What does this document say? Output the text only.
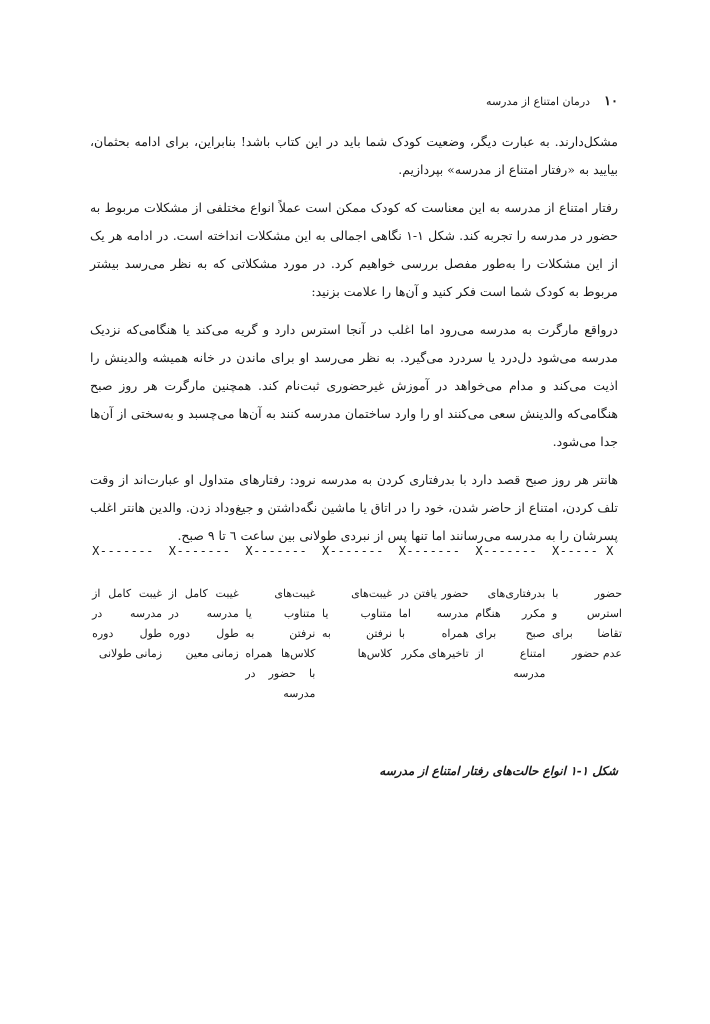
۱۰
درمان امتناع از مدرسه

مشکل‌دارند. به عبارت دیگر، وضعیت کودک شما باید در این کتاب باشد! بنابراین، برای ادامه بحثمان، بیایید به «رفتار امتناع از مدرسه» بپردازیم.

رفتار امتناع از مدرسه به این معناست که کودک ممکن است عملاً انواع مختلفی از مشکلات مربوط به حضور در مدرسه را تجربه کند. شکل ۱-۱ نگاهی اجمالی به این مشکلات انداخته است. در ادامه هر یک از این مشکلات را به‌طور مفصل بررسی خواهیم کرد. در مورد مشکلاتی که به نظر می‌رسد بیشتر مربوط به کودک شما است فکر کنید و آن‌ها را علامت بزنید:

درواقع مارگرت به مدرسه می‌رود اما اغلب در آنجا استرس دارد و گریه می‌کند یا هنگامی‌که نزدیک مدرسه می‌شود دل‌درد یا سردرد می‌گیرد. به نظر می‌رسد او برای ماندن در خانه همیشه والدینش را اذیت می‌کند و مدام می‌خواهد در آموزش غیرحضوری ثبت‌نام کند. همچنین مارگرت هر روز صبح هنگامی‌که والدینش سعی می‌کنند او را وارد ساختمان مدرسه کنند به آن‌ها می‌چسبد و به‌سختی از آن‌ها جدا می‌شود.

هانتر هر روز صبح قصد دارد با بدرفتاری کردن به مدرسه نرود: رفتارهای متداول او عبارت‌اند از وقت تلف کردن، امتناع از حاضر شدن، خود را در اتاق یا ماشین نگه‌داشتن و جیغ‌وداد زدن. والدین هانتر اغلب پسرشان را به مدرسه می‌رسانند اما تنها پس از نبردی طولانی بین ساعت ٦ تا ٩ صبح.

X----- X
حضور با استرس و تقاضا برای عدم حضور
X-------
بدرفتاری‌های مکرر هنگام صبح برای امتناع از مدرسه
X-------
حضور یافتن در مدرسه اما همراه با تاخیرهای مکرر
X-------
غیبت‌های متناوب یا نرفتن به کلاس‌ها
X-------
غیبت‌های متناوب یا نرفتن به کلاس‌ها همراه با حضور در مدرسه
X-------
غیبت کامل از مدرسه در طول دوره زمانی معین
X-------
غیبت کامل از مدرسه در طول دوره زمانی طولانی
شکل ۱-۱ انواع حالت‌های رفتار امتناع از مدرسه
